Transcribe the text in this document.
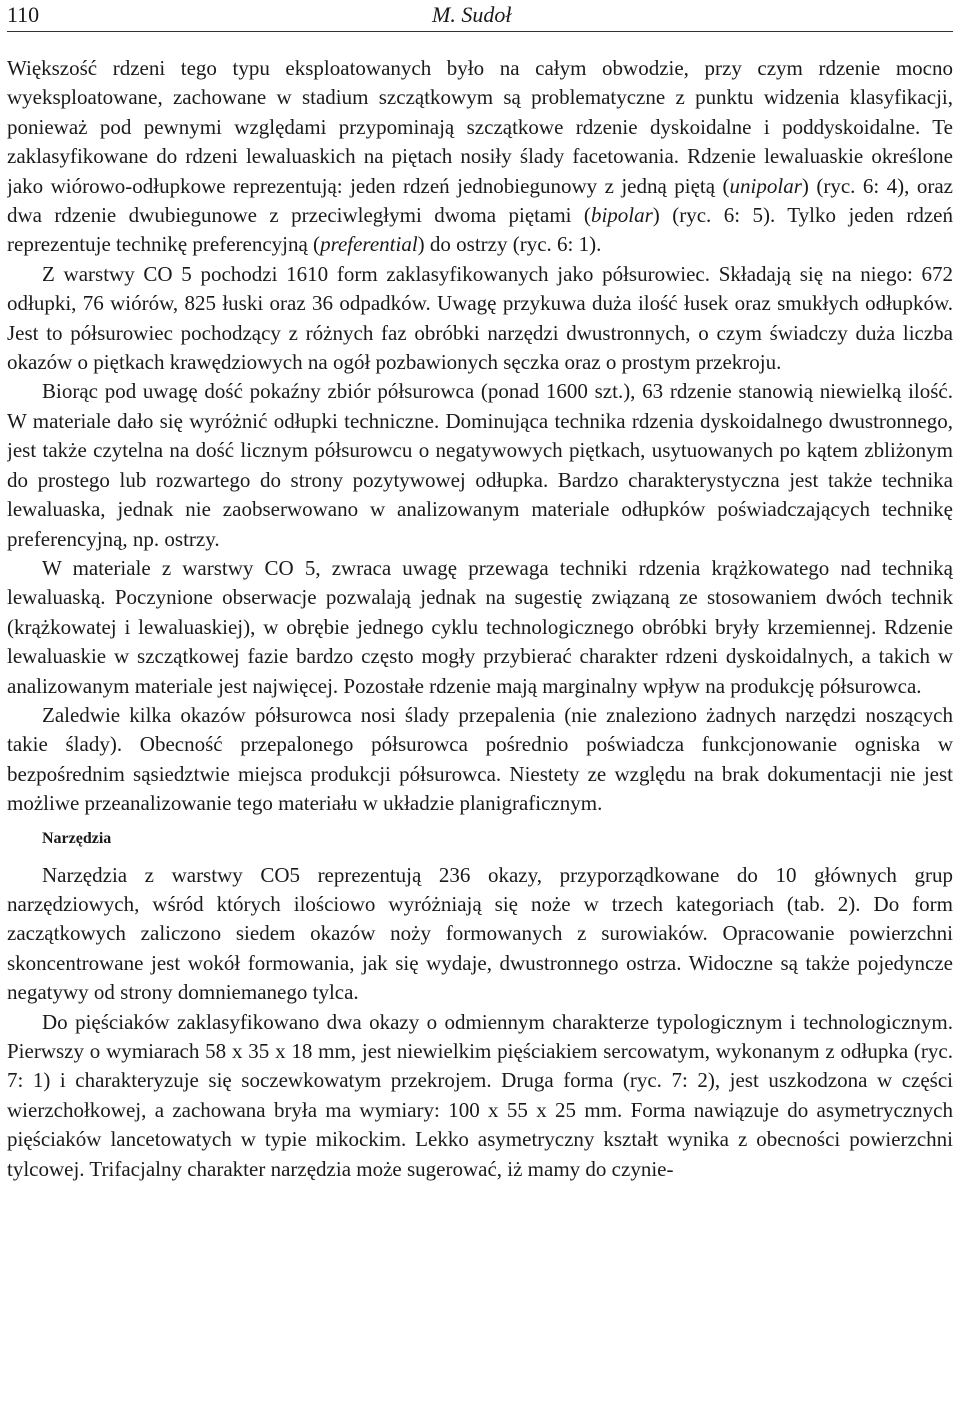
110	M. Sudoł

Większość rdzeni tego typu eksploatowanych było na całym obwodzie, przy czym rdzenie mocno wyeksploatowane, zachowane w stadium szczątkowym są problematyczne z punktu widzenia klasyfikacji, ponieważ pod pewnymi względami przypominają szczątkowe rdzenie dyskoidalne i poddyskoidalne. Te zaklasyfikowane do rdzeni lewaluaskich na piętach nosiły ślady facetowania. Rdzenie lewaluaskie określone jako wiórowo-odłupkowe reprezentują: jeden rdzeń jednobiegunowy z jedną piętą (unipolar) (ryc. 6: 4), oraz dwa rdzenie dwubiegunowe z przeciwległymi dwoma piętami (bipolar) (ryc. 6: 5). Tylko jeden rdzeń reprezentuje technikę preferencyjną (preferential) do ostrzy (ryc. 6: 1).

Z warstwy CO 5 pochodzi 1610 form zaklasyfikowanych jako półsurowiec. Składają się na niego: 672 odłupki, 76 wiórów, 825 łuski oraz 36 odpadków. Uwagę przykuwa duża ilość łusek oraz smukłych odłupków. Jest to półsurowiec pochodzący z różnych faz obróbki narzędzi dwustronnych, o czym świadczy duża liczba okazów o piętkach krawędziowych na ogół pozbawionych sęczka oraz o prostym przekroju.

Biorąc pod uwagę dość pokaźny zbiór półsurowca (ponad 1600 szt.), 63 rdzenie stanowią niewielką ilość. W materiale dało się wyróżnić odłupki techniczne. Dominująca technika rdzenia dyskoidalnego dwustronnego, jest także czytelna na dość licznym półsurowcu o negatywowych piętkach, usytuowanych po kątem zbliżonym do prostego lub rozwartego do strony pozytywowej odłupka. Bardzo charakterystyczna jest także technika lewaluaska, jednak nie zaobserwowano w analizowanym materiale odłupków poświadczających technikę preferencyjną, np. ostrzy.

W materiale z warstwy CO 5, zwraca uwagę przewaga techniki rdzenia krążkowatego nad techniką lewaluaską. Poczynione obserwacje pozwalają jednak na sugestię związaną ze stosowaniem dwóch technik (krążkowatej i lewaluaskiej), w obrębie jednego cyklu technologicznego obróbki bryły krzemiennej. Rdzenie lewaluaskie w szczątkowej fazie bardzo często mogły przybierać charakter rdzeni dyskoidalnych, a takich w analizowanym materiale jest najwięcej. Pozostałe rdzenie mają marginalny wpływ na produkcję półsurowca.

Zaledwie kilka okazów półsurowca nosi ślady przepalenia (nie znaleziono żadnych narzędzi noszących takie ślady). Obecność przepalonego półsurowca pośrednio poświadcza funkcjonowanie ogniska w bezpośrednim sąsiedztwie miejsca produkcji półsurowca. Niestety ze względu na brak dokumentacji nie jest możliwe przeanalizowanie tego materiału w układzie planigraficznym.

Narzędzia

Narzędzia z warstwy CO5 reprezentują 236 okazy, przyporządkowane do 10 głównych grup narzędziowych, wśród których ilościowo wyróżniają się noże w trzech kategoriach (tab. 2). Do form zaczątkowych zaliczono siedem okazów noży formowanych z surowiaków. Opracowanie powierzchni skoncentrowane jest wokół formowania, jak się wydaje, dwustronnego ostrza. Widoczne są także pojedyncze negatywy od strony domniemanego tylca.

Do pięściaków zaklasyfikowano dwa okazy o odmiennym charakterze typologicznym i technologicznym. Pierwszy o wymiarach 58 x 35 x 18 mm, jest niewielkim pięściakiem sercowatym, wykonanym z odłupka (ryc. 7: 1) i charakteryzuje się soczewkowatym przekrojem. Druga forma (ryc. 7: 2), jest uszkodzona w części wierzchołkowej, a zachowana bryła ma wymiary: 100 x 55 x 25 mm. Forma nawiązuje do asymetrycznych pięściaków lancetowatych w typie mikockim. Lekko asymetryczny kształt wynika z obecności powierzchni tylcowej. Trifacjalny charakter narzędzia może sugerować, iż mamy do czynie-
